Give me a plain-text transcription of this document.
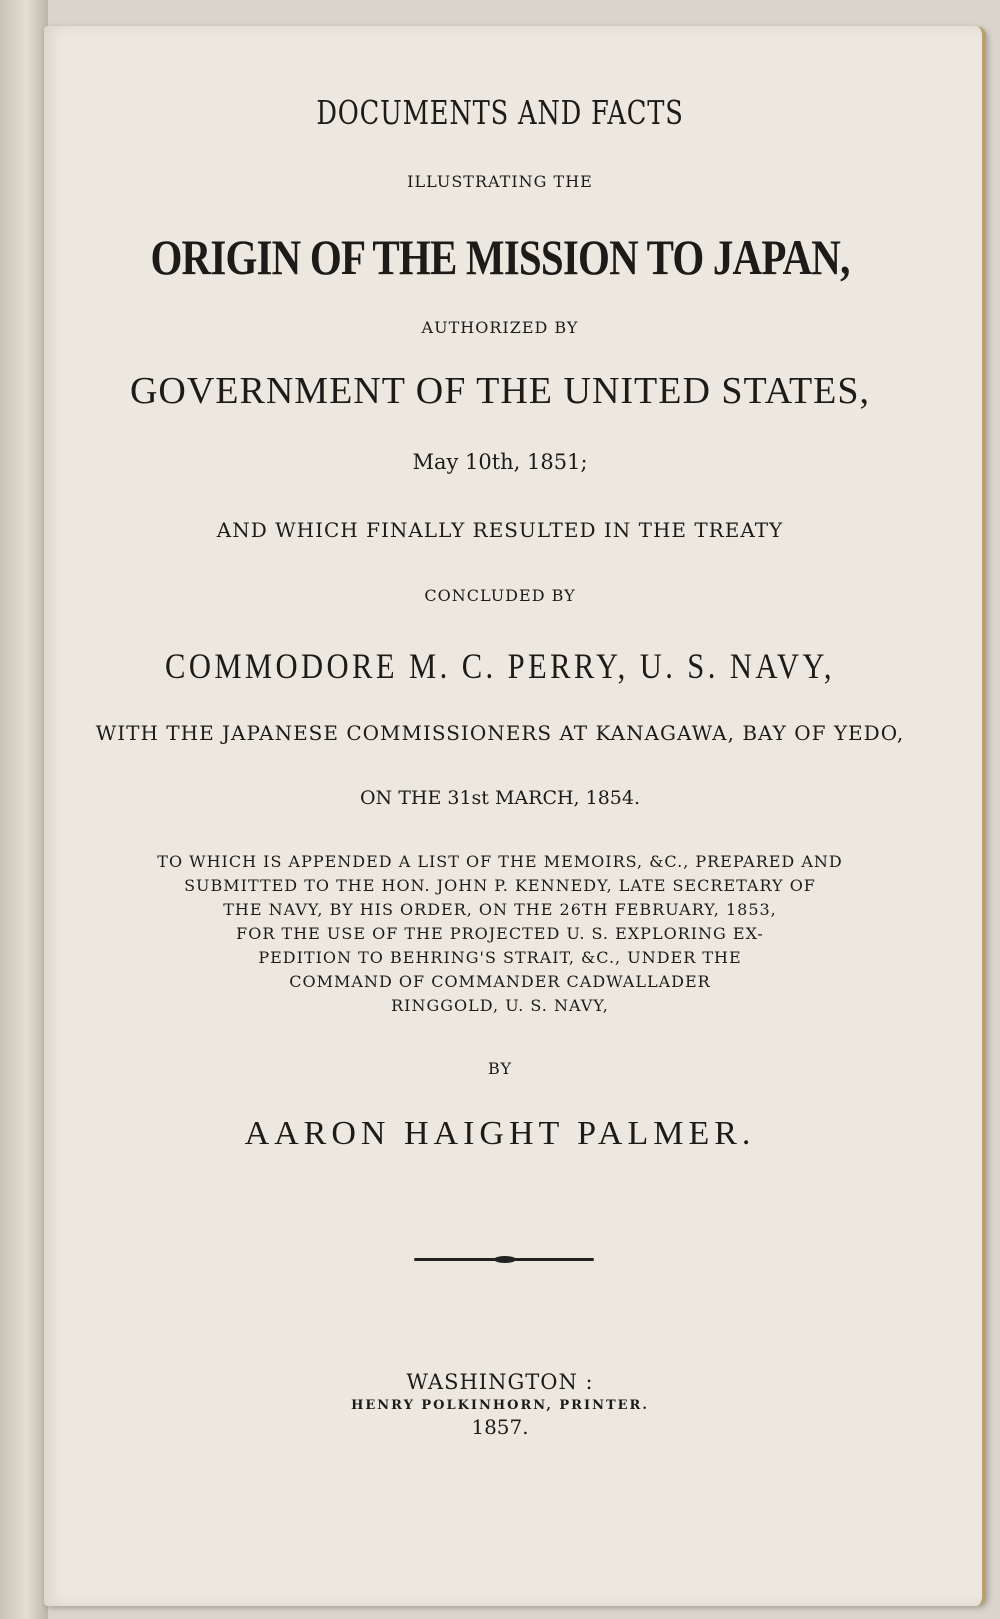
DOCUMENTS AND FACTS
ILLUSTRATING THE
ORIGIN OF THE MISSION TO JAPAN,
AUTHORIZED BY
GOVERNMENT OF THE UNITED STATES,
May 10th, 1851;
AND WHICH FINALLY RESULTED IN THE TREATY
CONCLUDED BY
COMMODORE M. C. PERRY, U. S. NAVY,
WITH THE JAPANESE COMMISSIONERS AT KANAGAWA, BAY OF YEDO,
ON THE 31st MARCH, 1854.
TO WHICH IS APPENDED A LIST OF THE MEMOIRS, &C., PREPARED AND
SUBMITTED TO THE HON. JOHN P. KENNEDY, LATE SECRETARY OF
THE NAVY, BY HIS ORDER, ON THE 26TH FEBRUARY, 1853,
FOR THE USE OF THE PROJECTED U. S. EXPLORING EX-
PEDITION TO BEHRING'S STRAIT, &C., UNDER THE
COMMAND OF COMMANDER CADWALLADER
RINGGOLD, U. S. NAVY,
BY
AARON HAIGHT PALMER.
WASHINGTON :
HENRY POLKINHORN, PRINTER.
1857.
